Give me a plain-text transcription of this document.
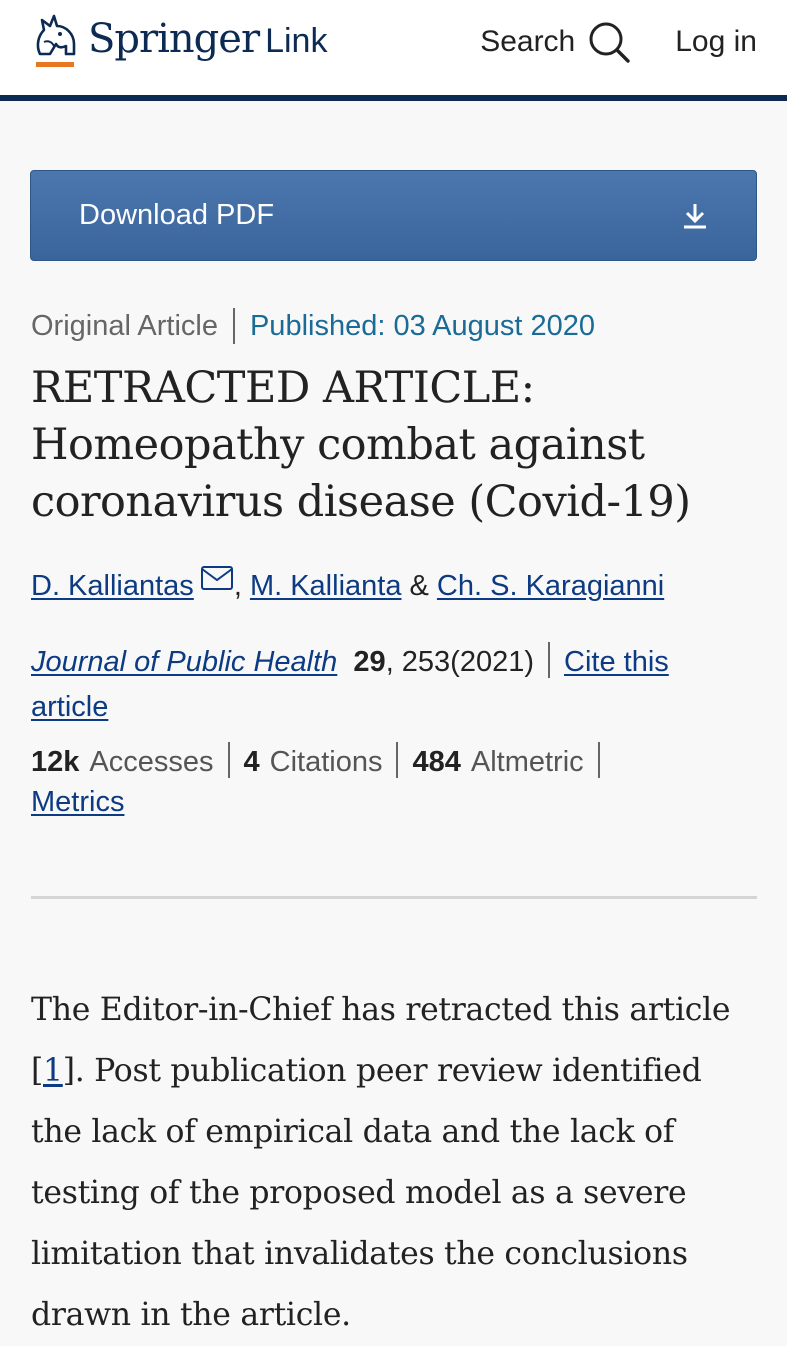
Springer Link	Search	Log in
Download PDF
Original Article Published: 03 August 2020
RETRACTED ARTICLE: Homeopathy combat against coronavirus disease (Covid-19)
D. Kalliantas , M. Kallianta & Ch. S. Karagianni
Journal of Public Health 29, 253(2021) Cite this article
12k Accesses 4 Citations 484 Altmetric
Metrics

The Editor-in-Chief has retracted this article [1]. Post publication peer review identified the lack of empirical data and the lack of testing of the proposed model as a severe limitation that invalidates the conclusions drawn in the article.
